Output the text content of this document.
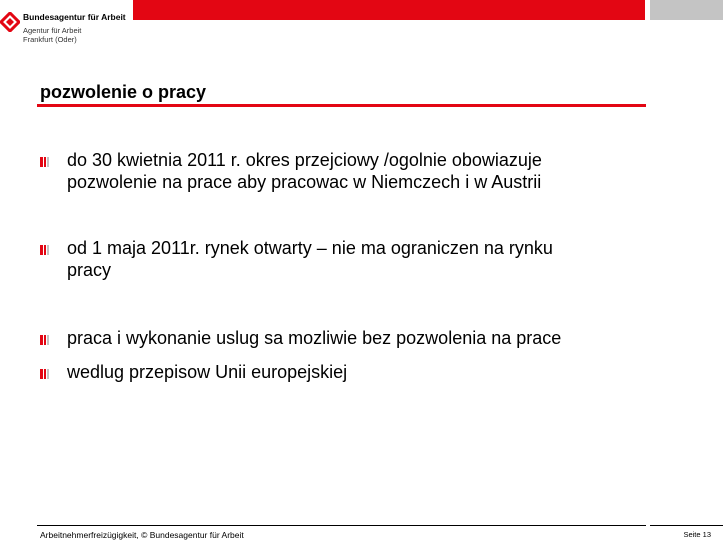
Bundesagentur für Arbeit
Agentur für Arbeit
Frankfurt (Oder)
pozwolenie o pracy
do 30 kwietnia 2011 r. okres przejciowy /ogolnie obowiazuje
pozwolenie na prace aby pracowac w Niemczech i w Austrii
od 1 maja 2011r. rynek otwarty – nie ma ograniczen na rynku
pracy
praca i wykonanie uslug sa mozliwie bez pozwolenia na prace
wedlug przepisow Unii europejskiej
Arbeitnehmerfreizügigkeit, © Bundesagentur für Arbeit	Seite 13
